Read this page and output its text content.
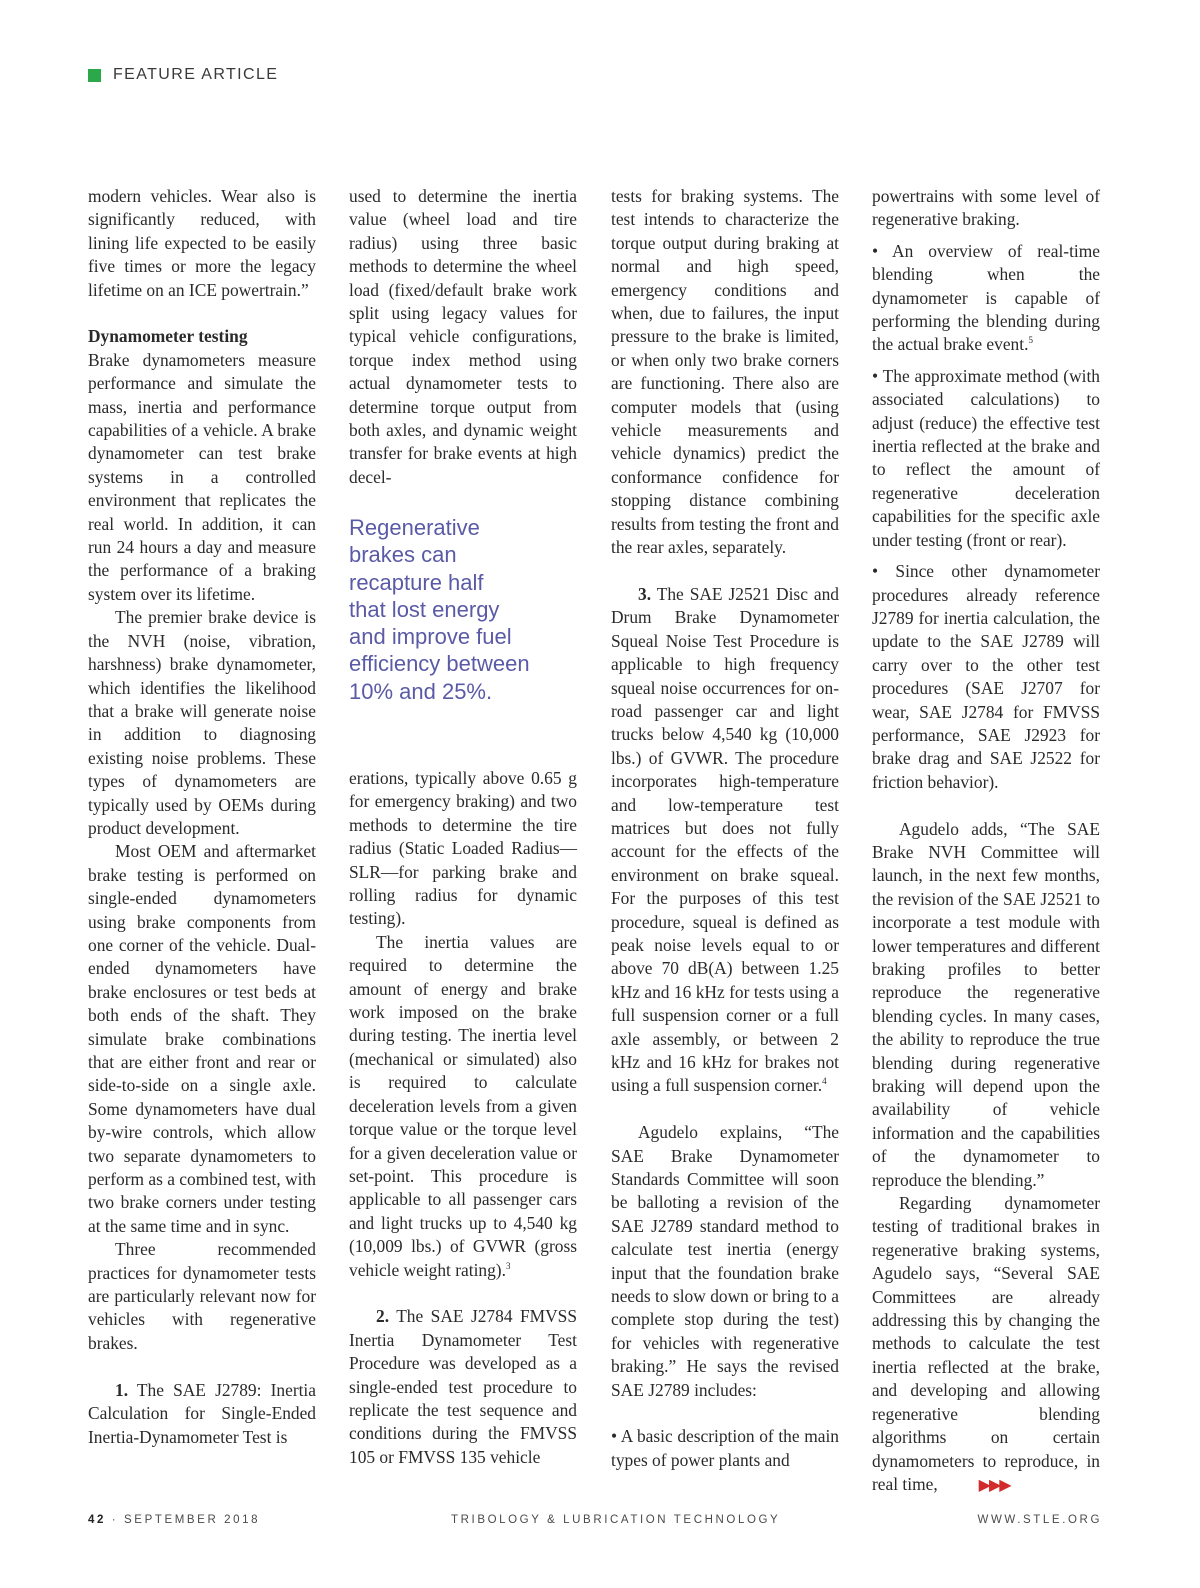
FEATURE ARTICLE

modern vehicles. Wear also is significantly reduced, with lining life expected to be easily five times or more the legacy lifetime on an ICE powertrain.”

Dynamometer testing

Brake dynamometers measure performance and simulate the mass, inertia and performance capabilities of a vehicle. A brake dynamometer can test brake systems in a controlled environment that replicates the real world. In addition, it can run 24 hours a day and measure the performance of a braking system over its lifetime.

The premier brake device is the NVH (noise, vibration, harshness) brake dynamometer, which identifies the likelihood that a brake will generate noise in addition to diagnosing existing noise problems. These types of dynamometers are typically used by OEMs during product development.

Most OEM and aftermarket brake testing is performed on single-ended dynamometers using brake components from one corner of the vehicle. Dual-ended dynamometers have brake enclosures or test beds at both ends of the shaft. They simulate brake combinations that are either front and rear or side-to-side on a single axle. Some dynamometers have dual by-wire controls, which allow two separate dynamometers to perform as a combined test, with two brake corners under testing at the same time and in sync.

Three recommended practices for dynamometer tests are particularly relevant now for vehicles with regenerative brakes.

1. The SAE J2789: Inertia Calculation for Single-Ended Inertia-Dynamometer Test is

used to determine the inertia value (wheel load and tire radius) using three basic methods to determine the wheel load (fixed/default brake work split using legacy values for typical vehicle configurations, torque index method using actual dynamometer tests to determine torque output from both axles, and dynamic weight transfer for brake events at high decel-

Regenerative
brakes can
recapture half
that lost energy
and improve fuel
efficiency between
10% and 25%.

erations, typically above 0.65 g for emergency braking) and two methods to determine the tire radius (Static Loaded Radius—SLR—for parking brake and rolling radius for dynamic testing).

The inertia values are required to determine the amount of energy and brake work imposed on the brake during testing. The inertia level (mechanical or simulated) also is required to calculate deceleration levels from a given torque value or the torque level for a given deceleration value or set-point. This procedure is applicable to all passenger cars and light trucks up to 4,540 kg (10,009 lbs.) of GVWR (gross vehicle weight rating).$^3$

2. The SAE J2784 FMVSS Inertia Dynamometer Test Procedure was developed as a single-ended test procedure to replicate the test sequence and conditions during the FMVSS 105 or FMVSS 135 vehicle

tests for braking systems. The test intends to characterize the torque output during braking at normal and high speed, emergency conditions and when, due to failures, the input pressure to the brake is limited, or when only two brake corners are functioning. There also are computer models that (using vehicle measurements and vehicle dynamics) predict the conformance confidence for stopping distance combining results from testing the front and the rear axles, separately.

3. The SAE J2521 Disc and Drum Brake Dynamometer Squeal Noise Test Procedure is applicable to high frequency squeal noise occurrences for on-road passenger car and light trucks below 4,540 kg (10,000 lbs.) of GVWR. The procedure incorporates high-temperature and low-temperature test matrices but does not fully account for the effects of the environment on brake squeal. For the purposes of this test procedure, squeal is defined as peak noise levels equal to or above 70 dB(A) between 1.25 kHz and 16 kHz for tests using a full suspension corner or a full axle assembly, or between 2 kHz and 16 kHz for brakes not using a full suspension corner.$^4$

Agudelo explains, “The SAE Brake Dynamometer Standards Committee will soon be balloting a revision of the SAE J2789 standard method to calculate test inertia (energy input that the foundation brake needs to slow down or bring to a complete stop during the test) for vehicles with regenerative braking.” He says the revised SAE J2789 includes:

• A basic description of the main types of power plants and

powertrains with some level of regenerative braking.

• An overview of real-time blending when the dynamometer is capable of performing the blending during the actual brake event.$^5$

• The approximate method (with associated calculations) to adjust (reduce) the effective test inertia reflected at the brake and to reflect the amount of regenerative deceleration capabilities for the specific axle under testing (front or rear).

• Since other dynamometer procedures already reference J2789 for inertia calculation, the update to the SAE J2789 will carry over to the other test procedures (SAE J2707 for wear, SAE J2784 for FMVSS performance, SAE J2923 for brake drag and SAE J2522 for friction behavior).

Agudelo adds, “The SAE Brake NVH Committee will launch, in the next few months, the revision of the SAE J2521 to incorporate a test module with lower temperatures and different braking profiles to better reproduce the regenerative blending cycles. In many cases, the ability to reproduce the true blending during regenerative braking will depend upon the availability of vehicle information and the capabilities of the dynamometer to reproduce the blending.”

Regarding dynamometer testing of traditional brakes in regenerative braking systems, Agudelo says, “Several SAE Committees are already addressing this by changing the methods to calculate the test inertia reflected at the brake, and developing and allowing regenerative blending algorithms on certain dynamometers to reproduce, in real time,	▶▶▶

42 · SEPTEMBER 2018	TRIBOLOGY & LUBRICATION TECHNOLOGY	WWW.STLE.ORG
